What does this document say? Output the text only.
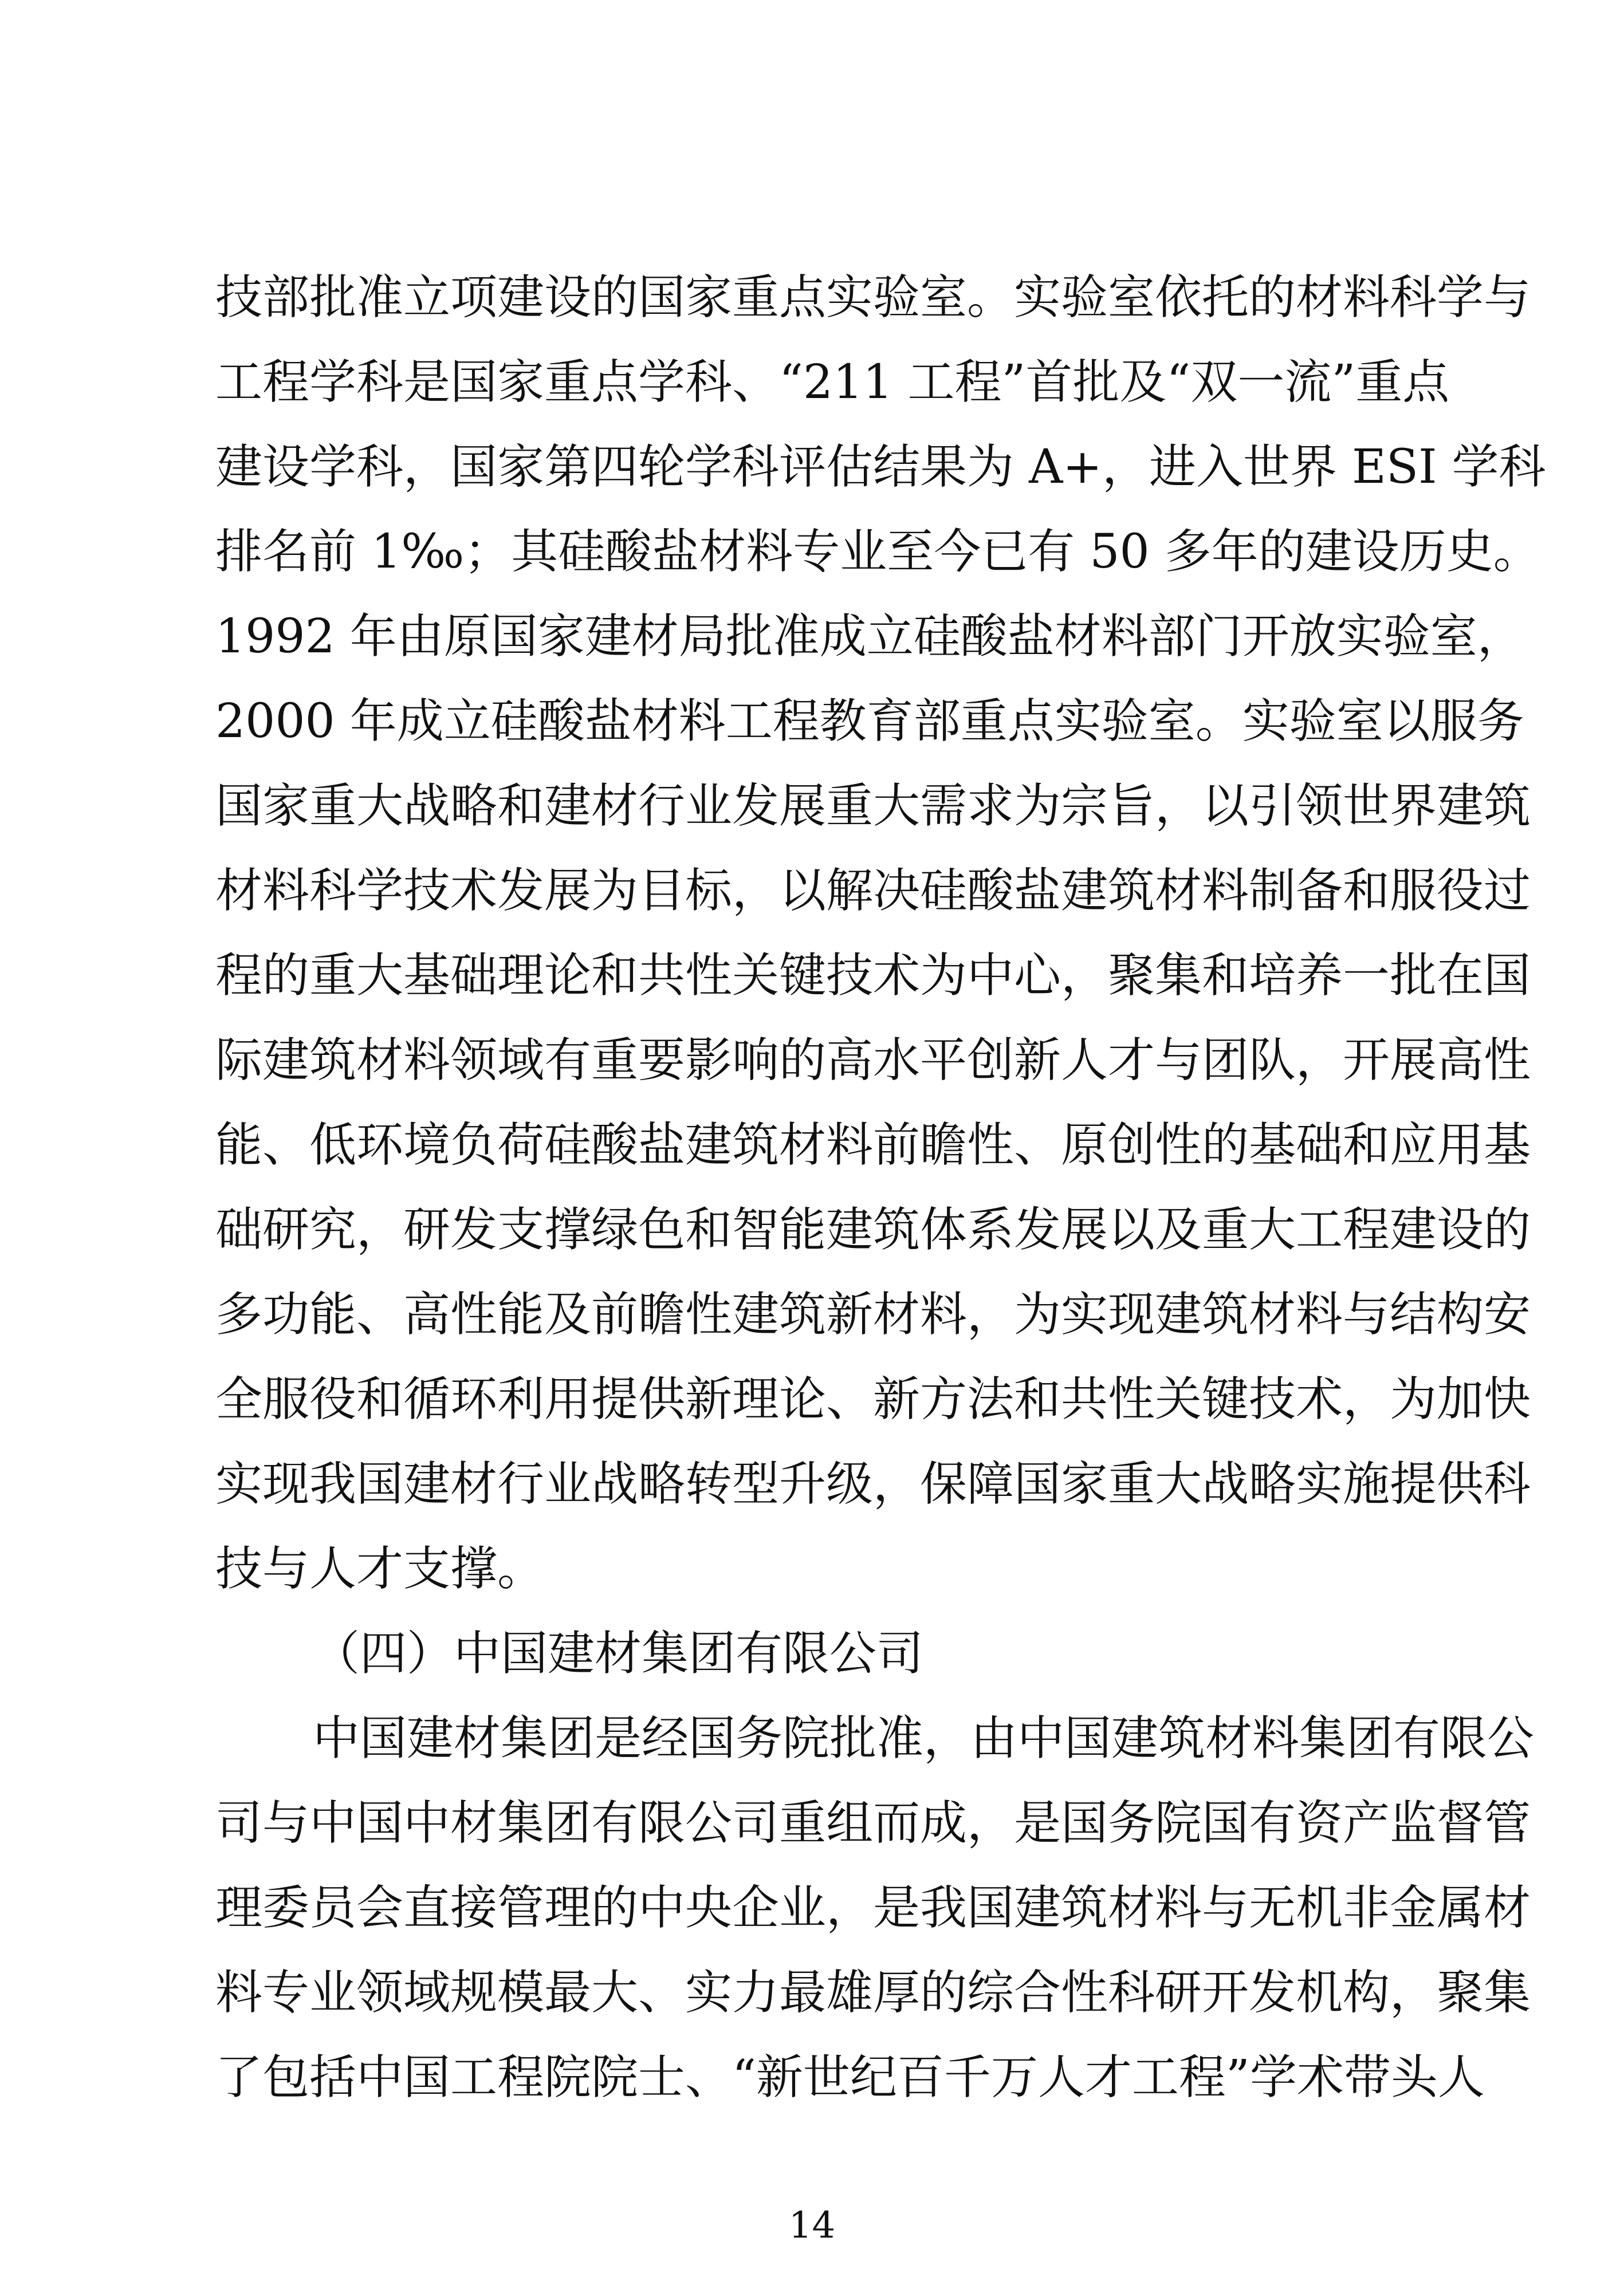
技部批准立项建设的国家重点实验室。实验室依托的材料科学与
工程学科是国家重点学科、“211 工程”首批及“双一流”重点
建设学科，国家第四轮学科评估结果为 A+，进入世界 ESI 学科
排名前 1‰；其硅酸盐材料专业至今已有 50 多年的建设历史。
1992 年由原国家建材局批准成立硅酸盐材料部门开放实验室，
2000 年成立硅酸盐材料工程教育部重点实验室。实验室以服务
国家重大战略和建材行业发展重大需求为宗旨，以引领世界建筑
材料科学技术发展为目标，以解决硅酸盐建筑材料制备和服役过
程的重大基础理论和共性关键技术为中心，聚集和培养一批在国
际建筑材料领域有重要影响的高水平创新人才与团队，开展高性
能、低环境负荷硅酸盐建筑材料前瞻性、原创性的基础和应用基
础研究，研发支撑绿色和智能建筑体系发展以及重大工程建设的
多功能、高性能及前瞻性建筑新材料，为实现建筑材料与结构安
全服役和循环利用提供新理论、新方法和共性关键技术，为加快
实现我国建材行业战略转型升级，保障国家重大战略实施提供科
技与人才支撑。
（四）中国建材集团有限公司
中国建材集团是经国务院批准，由中国建筑材料集团有限公
司与中国中材集团有限公司重组而成，是国务院国有资产监督管
理委员会直接管理的中央企业，是我国建筑材料与无机非金属材
料专业领域规模最大、实力最雄厚的综合性科研开发机构，聚集
了包括中国工程院院士、“新世纪百千万人才工程”学术带头人
14
